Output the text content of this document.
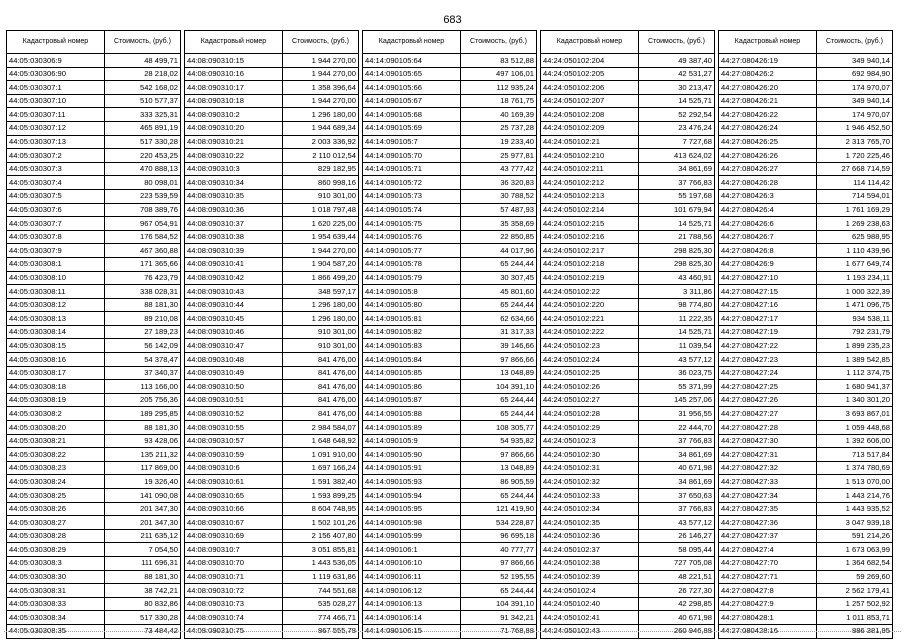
683
Кадастровый номер	Стоимость, (руб.)
44:05:030306:9	48 499,71
44:05:030306:90	28 218,02
44:05:030307:1	542 168,02
44:05:030307:10	510 577,37
44:05:030307:11	333 325,31
44:05:030307:12	465 891,19
44:05:030307:13	517 330,28
44:05:030307:2	220 453,25
44:05:030307:3	470 888,13
44:05:030307:4	80 098,01
44:05:030307:5	223 539,59
44:05:030307:6	708 389,76
44:05:030307:7	967 054,91
44:05:030307:8	176 584,52
44:05:030307:9	467 360,88
44:05:030308:1	171 365,66
44:05:030308:10	76 423,79
44:05:030308:11	338 028,31
44:05:030308:12	88 181,30
44:05:030308:13	89 210,08
44:05:030308:14	27 189,23
44:05:030308:15	56 142,09
44:05:030308:16	54 378,47
44:05:030308:17	37 340,37
44:05:030308:18	113 166,00
44:05:030308:19	205 756,36
44:05:030308:2	189 295,85
44:05:030308:20	88 181,30
44:05:030308:21	93 428,06
44:05:030308:22	135 211,32
44:05:030308:23	117 869,00
44:05:030308:24	19 326,40
44:05:030308:25	141 090,08
44:05:030308:26	201 347,30
44:05:030308:27	201 347,30
44:05:030308:28	211 635,12
44:05:030308:29	7 054,50
44:05:030308:3	111 696,31
44:05:030308:30	88 181,30
44:05:030308:31	38 742,21
44:05:030308:33	80 832,86
44:05:030308:34	517 330,28
44:05:030308:35	73 484,42
Кадастровый номер	Стоимость, (руб.)
44:08:090310:15	1 944 270,00
44:08:090310:16	1 944 270,00
44:08:090310:17	1 358 396,64
44:08:090310:18	1 944 270,00
44:08:090310:2	1 296 180,00
44:08:090310:20	1 944 689,34
44:08:090310:21	2 003 336,92
44:08:090310:22	2 110 012,54
44:08:090310:3	829 182,95
44:08:090310:34	860 998,16
44:08:090310:35	910 301,00
44:08:090310:36	1 018 797,48
44:08:090310:37	1 620 225,00
44:08:090310:38	1 954 639,44
44:08:090310:39	1 944 270,00
44:08:090310:41	1 904 587,20
44:08:090310:42	1 866 499,20
44:08:090310:43	348 597,17
44:08:090310:44	1 296 180,00
44:08:090310:45	1 296 180,00
44:08:090310:46	910 301,00
44:08:090310:47	910 301,00
44:08:090310:48	841 476,00
44:08:090310:49	841 476,00
44:08:090310:50	841 476,00
44:08:090310:51	841 476,00
44:08:090310:52	841 476,00
44:08:090310:55	2 984 584,07
44:08:090310:57	1 648 648,92
44:08:090310:59	1 091 910,00
44:08:090310:6	1 697 166,24
44:08:090310:61	1 591 382,40
44:08:090310:65	1 593 899,25
44:08:090310:66	8 604 748,95
44:08:090310:67	1 502 101,26
44:08:090310:69	2 156 407,80
44:08:090310:7	3 051 855,81
44:08:090310:70	1 443 536,05
44:08:090310:71	1 119 631,86
44:08:090310:72	744 551,68
44:08:090310:73	535 028,27
44:08:090310:74	774 466,71
44:08:090310:75	867 555,78
Кадастровый номер	Стоимость, (руб.)
44:14:090105:64	83 512,88
44:14:090105:65	497 106,01
44:14:090105:66	112 935,24
44:14:090105:67	18 761,75
44:14:090105:68	40 169,39
44:14:090105:69	25 737,28
44:14:090105:7	19 233,40
44:14:090105:70	25 977,81
44:14:090105:71	43 777,42
44:14:090105:72	36 320,83
44:14:090105:73	30 788,52
44:14:090105:74	57 487,93
44:14:090105:75	35 358,69
44:14:090105:76	22 850,85
44:14:090105:77	44 017,96
44:14:090105:78	65 244,44
44:14:090105:79	30 307,45
44:14:090105:8	45 801,60
44:14:090105:80	65 244,44
44:14:090105:81	62 634,66
44:14:090105:82	31 317,33
44:14:090105:83	39 146,66
44:14:090105:84	97 866,66
44:14:090105:85	13 048,89
44:14:090105:86	104 391,10
44:14:090105:87	65 244,44
44:14:090105:88	65 244,44
44:14:090105:89	108 305,77
44:14:090105:9	54 935,82
44:14:090105:90	97 866,66
44:14:090105:91	13 048,89
44:14:090105:93	86 905,59
44:14:090105:94	65 244,44
44:14:090105:95	121 419,90
44:14:090105:98	534 228,87
44:14:090105:99	96 695,18
44:14:090106:1	40 777,77
44:14:090106:10	97 866,66
44:14:090106:11	52 195,55
44:14:090106:12	65 244,44
44:14:090106:13	104 391,10
44:14:090106:14	91 342,21
44:14:090106:15	71 768,88
Кадастровый номер	Стоимость, (руб.)
44:24:050102:204	49 387,40
44:24:050102:205	42 531,27
44:24:050102:206	30 213,47
44:24:050102:207	14 525,71
44:24:050102:208	52 292,54
44:24:050102:209	23 476,24
44:24:050102:21	7 727,68
44:24:050102:210	413 624,02
44:24:050102:211	34 861,69
44:24:050102:212	37 766,83
44:24:050102:213	55 197,68
44:24:050102:214	101 679,94
44:24:050102:215	14 525,71
44:24:050102:216	21 788,56
44:24:050102:217	298 825,30
44:24:050102:218	298 825,30
44:24:050102:219	43 460,91
44:24:050102:22	3 311,86
44:24:050102:220	98 774,80
44:24:050102:221	11 222,35
44:24:050102:222	14 525,71
44:24:050102:23	11 039,54
44:24:050102:24	43 577,12
44:24:050102:25	36 023,75
44:24:050102:26	55 371,99
44:24:050102:27	145 257,06
44:24:050102:28	31 956,55
44:24:050102:29	22 444,70
44:24:050102:3	37 766,83
44:24:050102:30	34 861,69
44:24:050102:31	40 671,98
44:24:050102:32	34 861,69
44:24:050102:33	37 650,63
44:24:050102:34	37 766,83
44:24:050102:35	43 577,12
44:24:050102:36	26 146,27
44:24:050102:37	58 095,44
44:24:050102:38	727 705,08
44:24:050102:39	48 221,51
44:24:050102:4	26 727,30
44:24:050102:40	42 298,85
44:24:050102:41	40 671,98
44:24:050102:43	260 946,88
Кадастровый номер	Стоимость, (руб.)
44:27:080426:19	349 940,14
44:27:080426:2	692 984,90
44:27:080426:20	174 970,07
44:27:080426:21	349 940,14
44:27:080426:22	174 970,07
44:27:080426:24	1 946 452,50
44:27:080426:25	2 313 765,70
44:27:080426:26	1 720 225,46
44:27:080426:27	27 668 714,59
44:27:080426:28	114 114,42
44:27:080426:3	714 594,01
44:27:080426:4	1 761 169,29
44:27:080426:6	1 269 238,63
44:27:080426:7	625 988,95
44:27:080426:8	1 110 439,96
44:27:080426:9	1 677 649,74
44:27:080427:10	1 193 234,11
44:27:080427:15	1 000 322,39
44:27:080427:16	1 471 096,75
44:27:080427:17	934 538,11
44:27:080427:19	792 231,79
44:27:080427:22	1 899 235,23
44:27:080427:23	1 389 542,85
44:27:080427:24	1 112 374,75
44:27:080427:25	1 680 941,37
44:27:080427:26	1 340 301,20
44:27:080427:27	3 693 867,01
44:27:080427:28	1 059 448,68
44:27:080427:30	1 392 606,00
44:27:080427:31	713 517,84
44:27:080427:32	1 374 780,69
44:27:080427:33	1 513 070,00
44:27:080427:34	1 443 214,76
44:27:080427:35	1 443 935,52
44:27:080427:36	3 047 939,18
44:27:080427:37	591 214,26
44:27:080427:4	1 673 063,99
44:27:080427:70	1 364 682,54
44:27:080427:71	59 269,60
44:27:080427:8	2 562 179,41
44:27:080427:9	1 257 502,92
44:27:080428:1	1 011 853,71
44:27:080428:16	886 381,95
